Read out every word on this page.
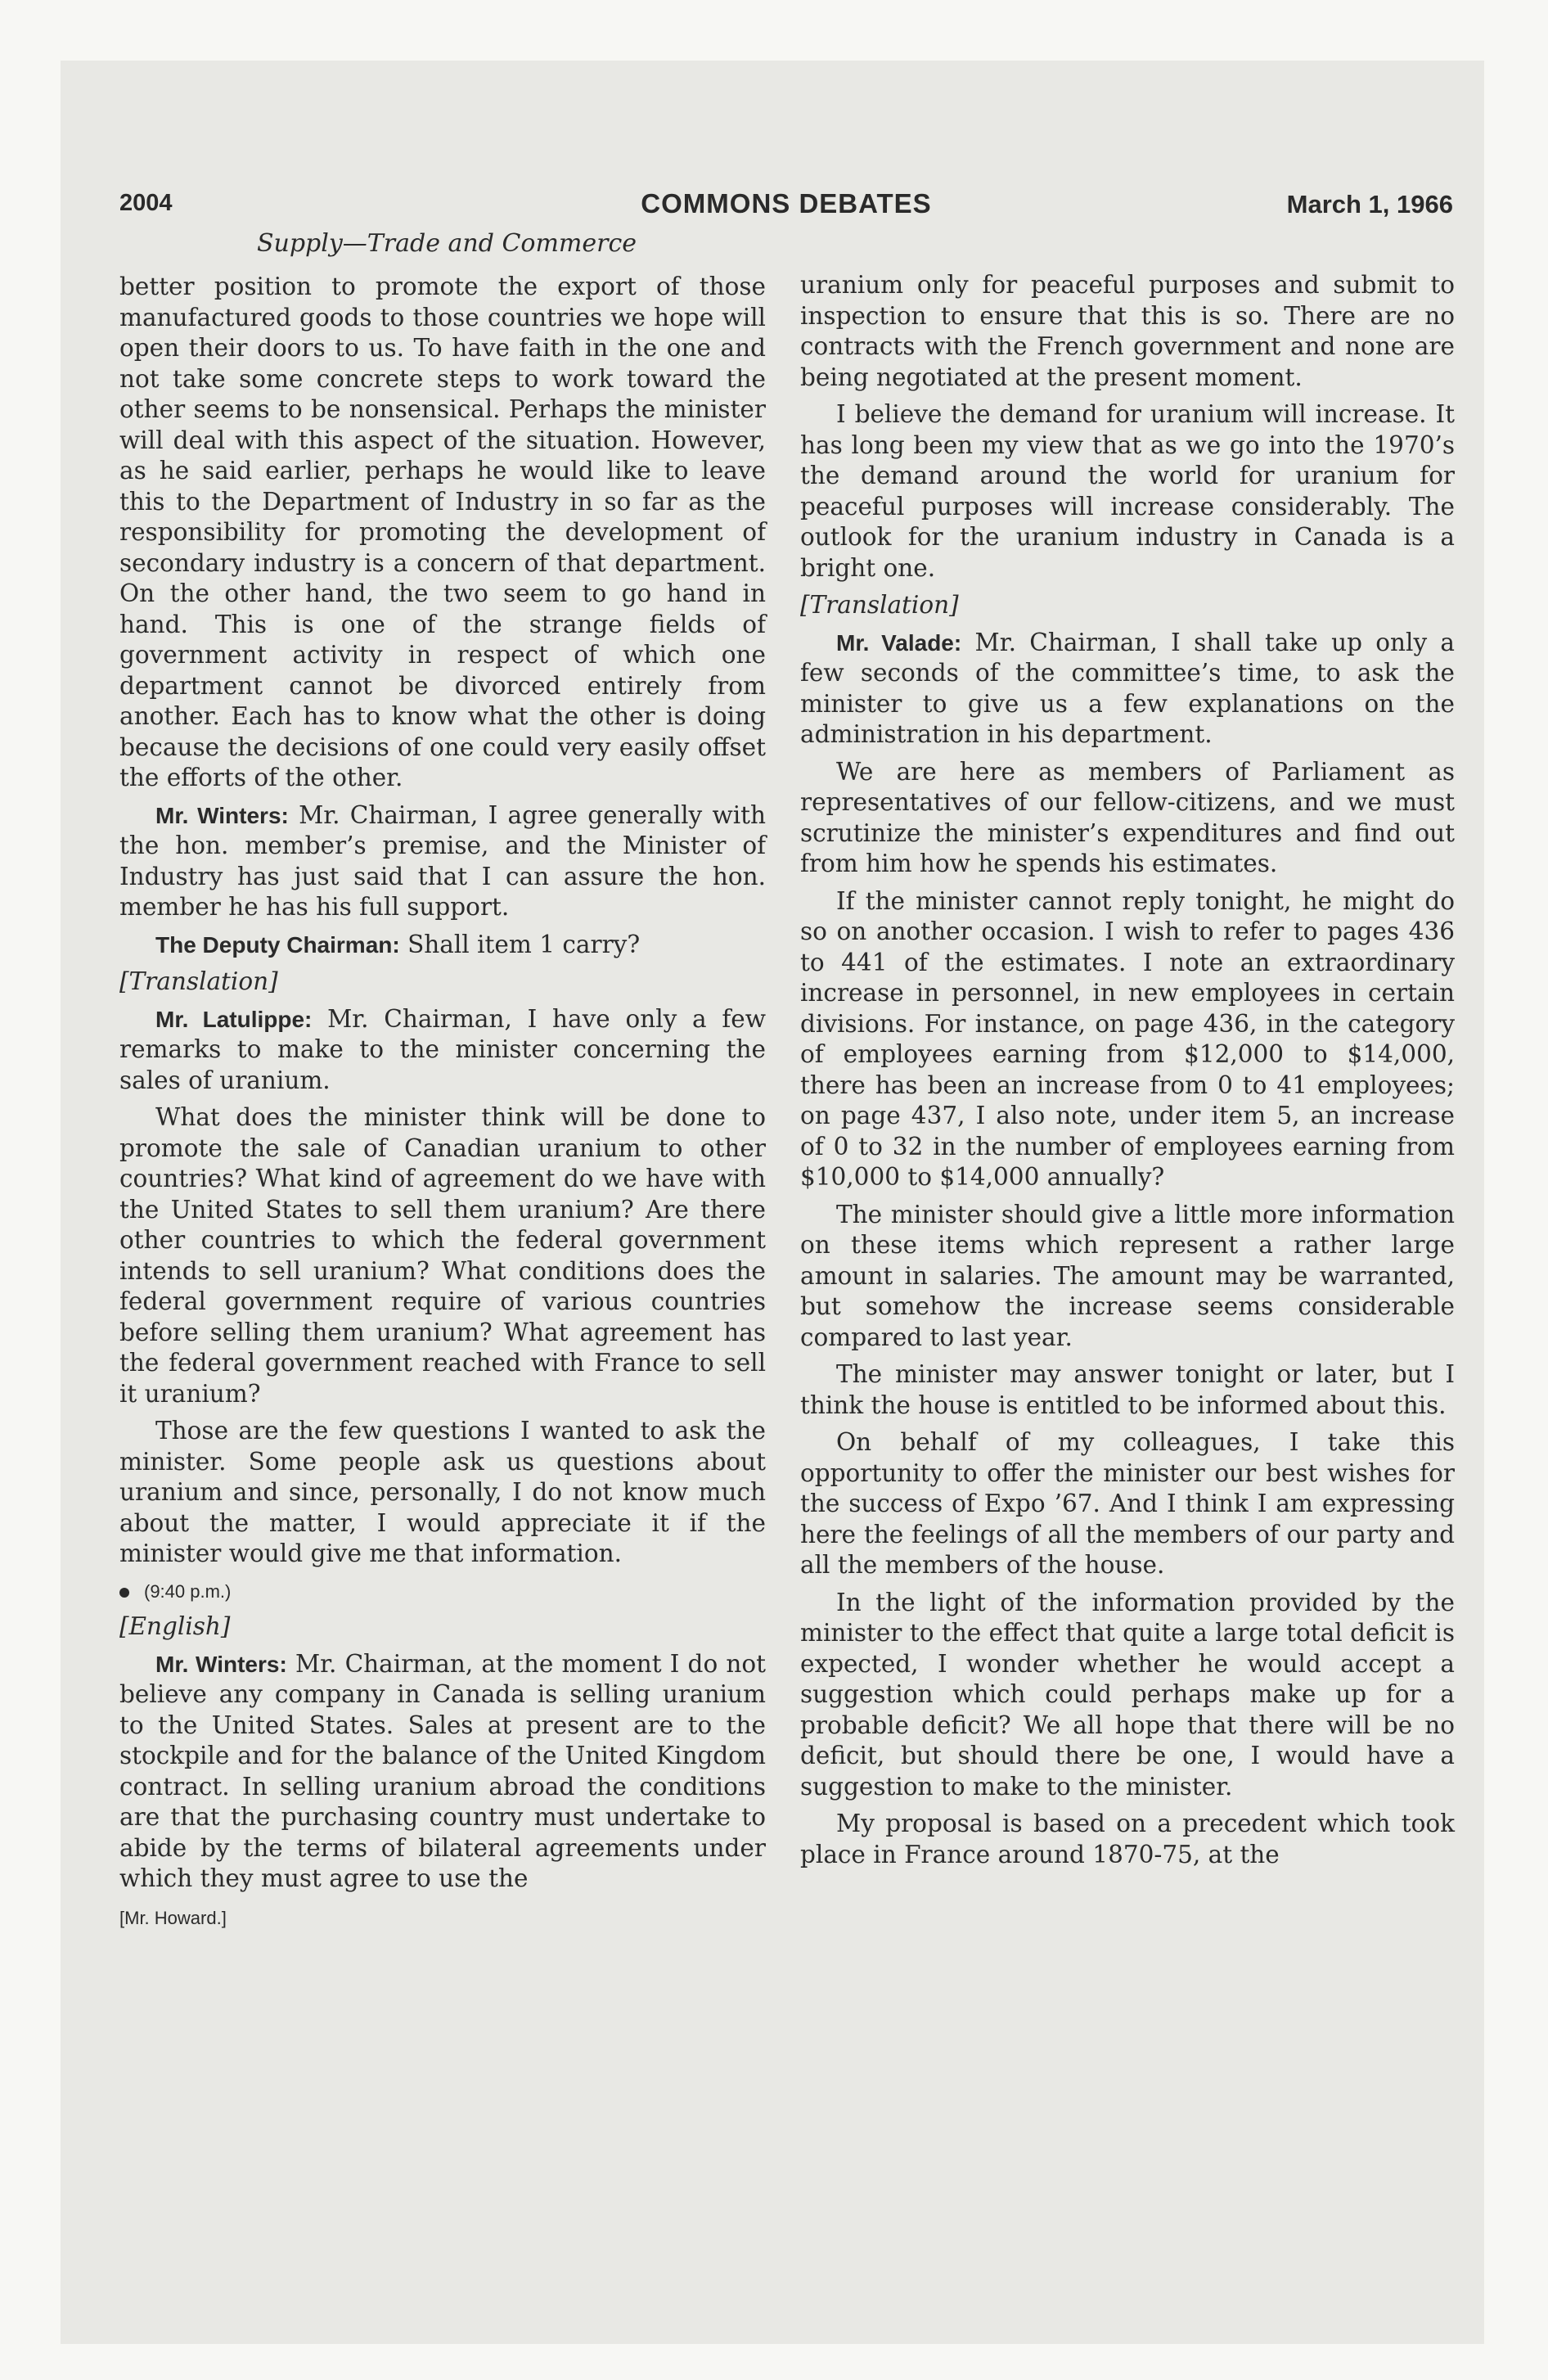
2004	COMMONS DEBATES	March 1, 1966
Supply—Trade and Commerce

better position to promote the export of those manufactured goods to those countries we hope will open their doors to us. To have faith in the one and not take some concrete steps to work toward the other seems to be nonsensical. Perhaps the minister will deal with this aspect of the situation. However, as he said earlier, perhaps he would like to leave this to the Department of Industry in so far as the responsibility for promoting the development of secondary industry is a concern of that department. On the other hand, the two seem to go hand in hand. This is one of the strange fields of government activity in respect of which one department cannot be divorced entirely from another. Each has to know what the other is doing because the decisions of one could very easily offset the efforts of the other.

Mr. Winters: Mr. Chairman, I agree generally with the hon. member’s premise, and the Minister of Industry has just said that I can assure the hon. member he has his full support.

The Deputy Chairman: Shall item 1 carry?

[Translation]

Mr. Latulippe: Mr. Chairman, I have only a few remarks to make to the minister concerning the sales of uranium.

What does the minister think will be done to promote the sale of Canadian uranium to other countries? What kind of agreement do we have with the United States to sell them uranium? Are there other countries to which the federal government intends to sell uranium? What conditions does the federal government require of various countries before selling them uranium? What agreement has the federal government reached with France to sell it uranium?

Those are the few questions I wanted to ask the minister. Some people ask us questions about uranium and since, personally, I do not know much about the matter, I would appreciate it if the minister would give me that information.

(9:40 p.m.)
[English]

Mr. Winters: Mr. Chairman, at the moment I do not believe any company in Canada is selling uranium to the United States. Sales at present are to the stockpile and for the balance of the United Kingdom contract. In selling uranium abroad the conditions are that the purchasing country must undertake to abide by the terms of bilateral agreements under which they must agree to use the

[Mr. Howard.]

uranium only for peaceful purposes and submit to inspection to ensure that this is so. There are no contracts with the French government and none are being negotiated at the present moment.

I believe the demand for uranium will increase. It has long been my view that as we go into the 1970’s the demand around the world for uranium for peaceful purposes will increase considerably. The outlook for the uranium industry in Canada is a bright one.

[Translation]

Mr. Valade: Mr. Chairman, I shall take up only a few seconds of the committee’s time, to ask the minister to give us a few explanations on the administration in his department.

We are here as members of Parliament as representatives of our fellow-citizens, and we must scrutinize the minister’s expenditures and find out from him how he spends his estimates.

If the minister cannot reply tonight, he might do so on another occasion. I wish to refer to pages 436 to 441 of the estimates. I note an extraordinary increase in personnel, in new employees in certain divisions. For instance, on page 436, in the category of employees earning from $12,000 to $14,000, there has been an increase from 0 to 41 employees; on page 437, I also note, under item 5, an increase of 0 to 32 in the number of employees earning from $10,000 to $14,000 annually?

The minister should give a little more information on these items which represent a rather large amount in salaries. The amount may be warranted, but somehow the increase seems considerable compared to last year.

The minister may answer tonight or later, but I think the house is entitled to be informed about this.

On behalf of my colleagues, I take this opportunity to offer the minister our best wishes for the success of Expo ’67. And I think I am expressing here the feelings of all the members of our party and all the members of the house.

In the light of the information provided by the minister to the effect that quite a large total deficit is expected, I wonder whether he would accept a suggestion which could perhaps make up for a probable deficit? We all hope that there will be no deficit, but should there be one, I would have a suggestion to make to the minister.

My proposal is based on a precedent which took place in France around 1870-75, at the
